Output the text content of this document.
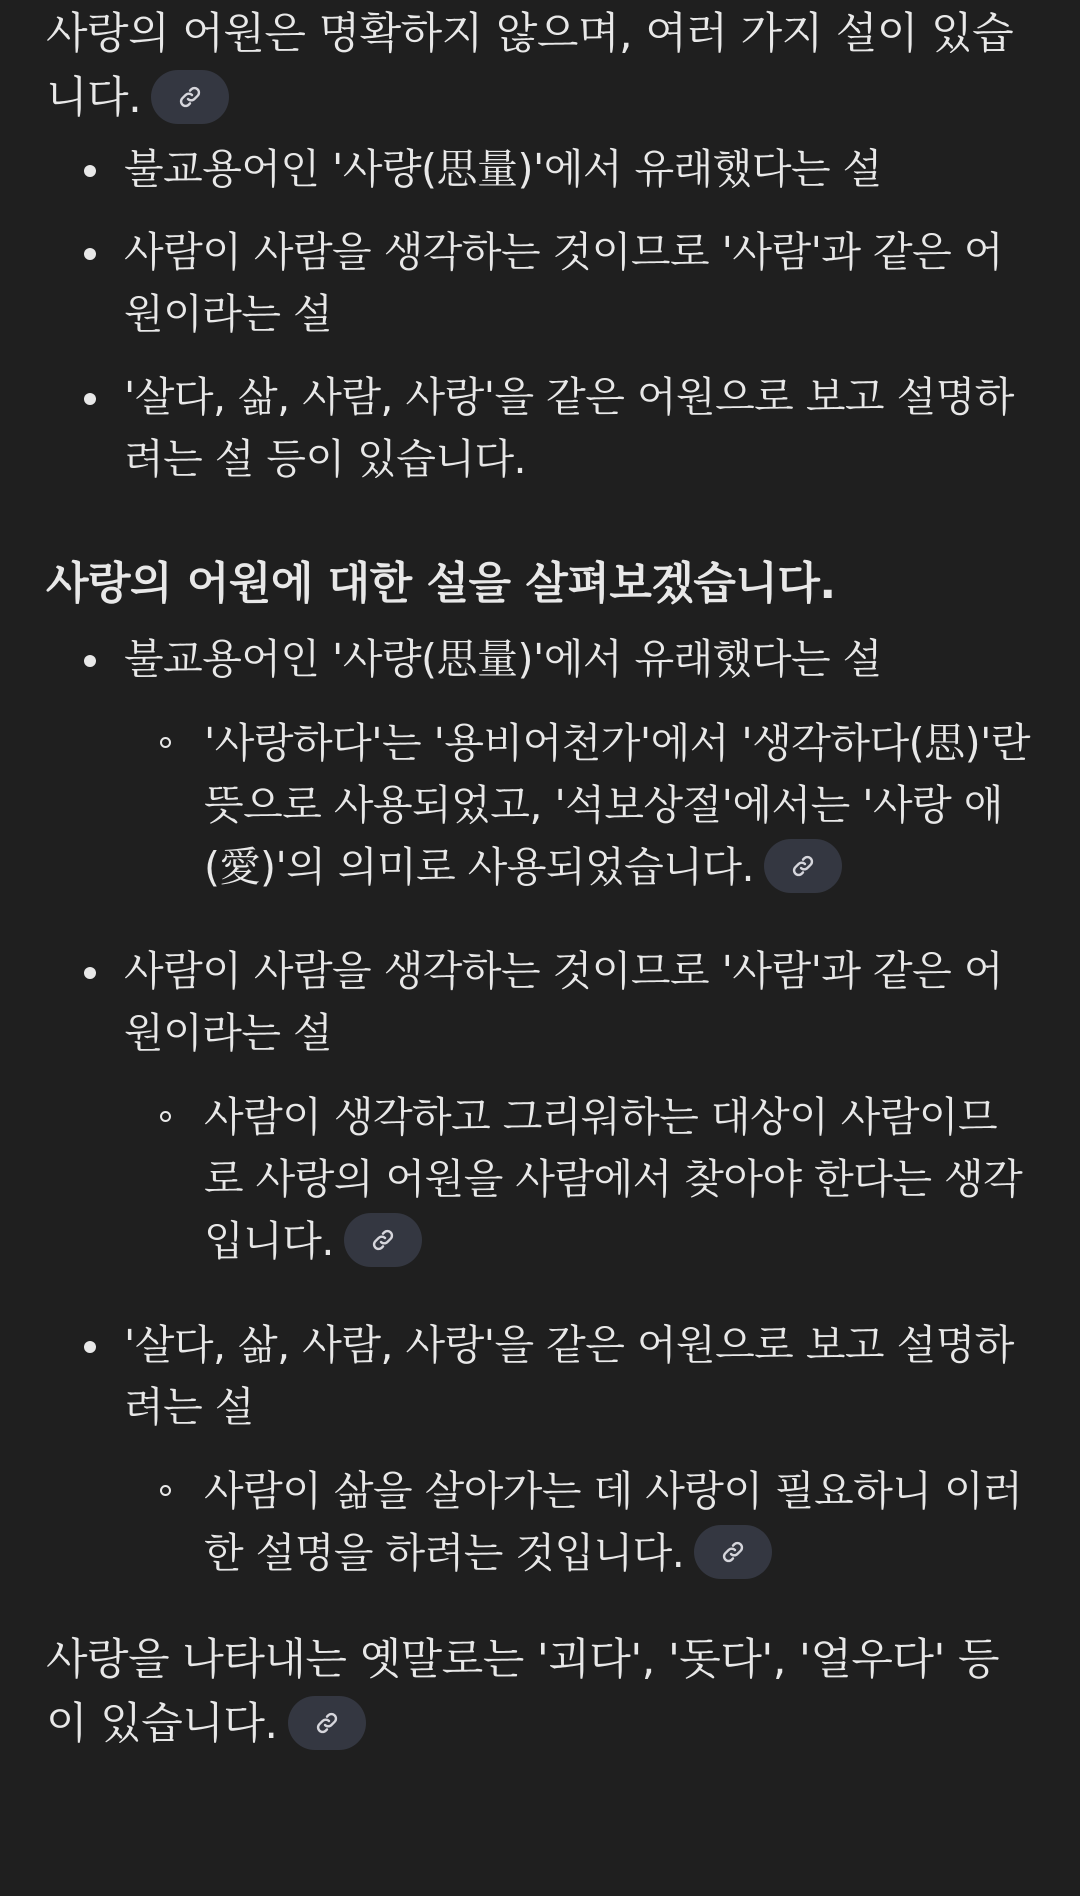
사랑의 어원은 명확하지 않으며, 여러 가지 설이 있습니다.

불교용어인 '사량(思量)'에서 유래했다는 설
사람이 사람을 생각하는 것이므로 '사람'과 같은 어원이라는 설
'살다, 삶, 사람, 사랑'을 같은 어원으로 보고 설명하려는 설 등이 있습니다.
사랑의 어원에 대한 설을 살펴보겠습니다.
불교용어인 '사량(思量)'에서 유래했다는 설
'사랑하다'는 '용비어천가'에서 '생각하다(思)'란 뜻으로 사용되었고, '석보상절'에서는 '사랑 애(愛)'의 의미로 사용되었습니다.
사람이 사람을 생각하는 것이므로 '사람'과 같은 어원이라는 설
사람이 생각하고 그리워하는 대상이 사람이므로 사랑의 어원을 사람에서 찾아야 한다는 생각입니다.
'살다, 삶, 사람, 사랑'을 같은 어원으로 보고 설명하려는 설
사람이 삶을 살아가는 데 사랑이 필요하니 이러한 설명을 하려는 것입니다.

사랑을 나타내는 옛말로는 '괴다', '돗다', '얼우다' 등이 있습니다.
